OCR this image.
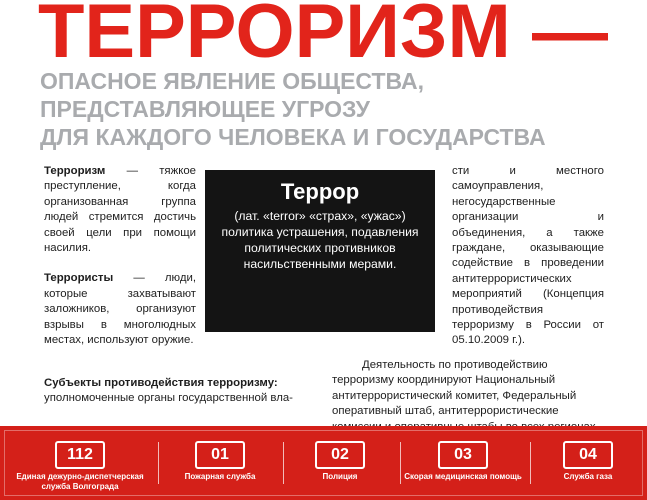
ТЕРРОРИЗМ —
ОПАСНОЕ ЯВЛЕНИЕ ОБЩЕСТВА,
ПРЕДСТАВЛЯЮЩЕЕ УГРОЗУ
ДЛЯ КАЖДОГО ЧЕЛОВЕКА И ГОСУДАРСТВА

Терроризм — тяжкое преступление, когда организованная группа людей стремится достичь своей цели при помощи насилия.

Террористы — люди, которые захватывают заложников, организуют взрывы в многолюдных местах, используют оружие.

Террор
(лат. «terror» «страх», «ужас») политика устрашения, подавления политических противников насильственными мерами.

сти и местного самоуправления, негосударственные организации и объединения, а также граждане, оказывающие содействие в проведении антитеррористических мероприятий (Концепция противодействия терроризму в России от 05.10.2009 г.).

Субъекты противодействия терроризму:
уполномоченные органы государственной вла-

Деятельность по противодействию терроризму координируют Национальный антитеррористический комитет, Федеральный оперативный штаб, антитеррористические

112
Единая дежурно-диспетчерская служба Волгограда
01
Пожарная служба
02
Полиция
03
Скорая медицинская помощь
04
Служба газа
